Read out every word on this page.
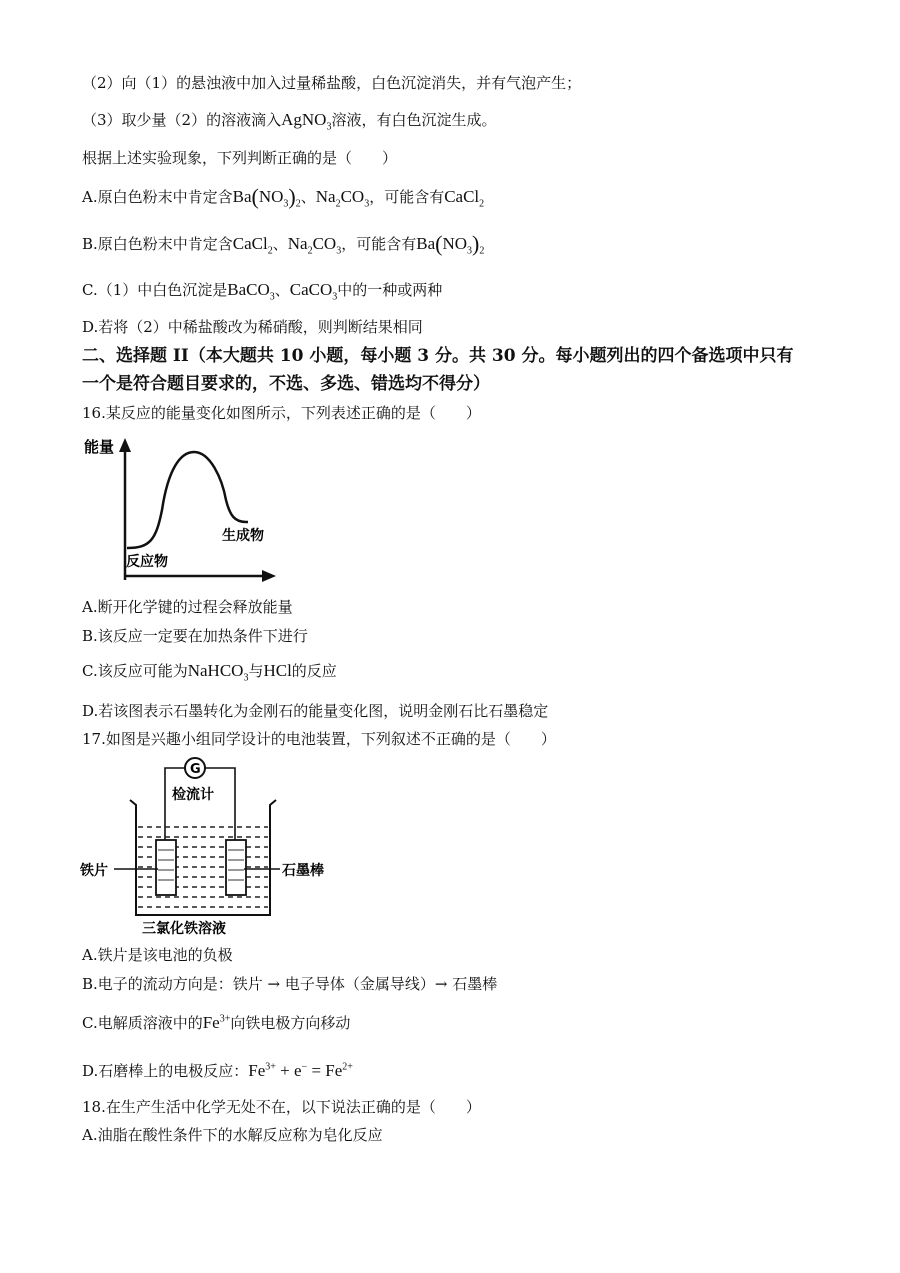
（2）向（1）的悬浊液中加入过量稀盐酸，白色沉淀消失，并有气泡产生；
（3）取少量（2）的溶液滴入AgNO$_3$溶液，有白色沉淀生成。
根据上述实验现象，下列判断正确的是（　　）
A.原白色粉末中肯定含$Ba(NO_3)_2$、$Na_2CO_3$，可能含有CaCl$_2$
B.原白色粉末中肯定含CaCl$_2$、$Na_2CO_3$，可能含有$Ba(NO_3)_2$
C.（1）中白色沉淀是BaCO$_3$、CaCO$_3$中的一种或两种
D.若将（2）中稀盐酸改为稀硝酸，则判断结果相同
二、选择题 II（本大题共 10 小题，每小题 3 分。共 30 分。每小题列出的四个备选项中只有
一个是符合题目要求的，不选、多选、错选均不得分）
16.某反应的能量变化如图所示，下列表述正确的是（　　）
能量
反应物
生成物
A.断开化学键的过程会释放能量
B.该反应一定要在加热条件下进行
C.该反应可能为NaHCO$_3$与HCl的反应
D.若该图表示石墨转化为金刚石的能量变化图，说明金刚石比石墨稳定
17.如图是兴趣小组同学设计的电池装置，下列叙述不正确的是（　　）
G
检流计
铁片	石墨棒
三氯化铁溶液
A.铁片是该电池的负极
B.电子的流动方向是：铁片 → 电子导体（金属导线）→ 石墨棒
C.电解质溶液中的$Fe^{3+}$向铁电极方向移动
D.石磨棒上的电极反应：$Fe^{3+} + e^- = Fe^{2+}$
18.在生产生活中化学无处不在，以下说法正确的是（　　）
A.油脂在酸性条件下的水解反应称为皂化反应
